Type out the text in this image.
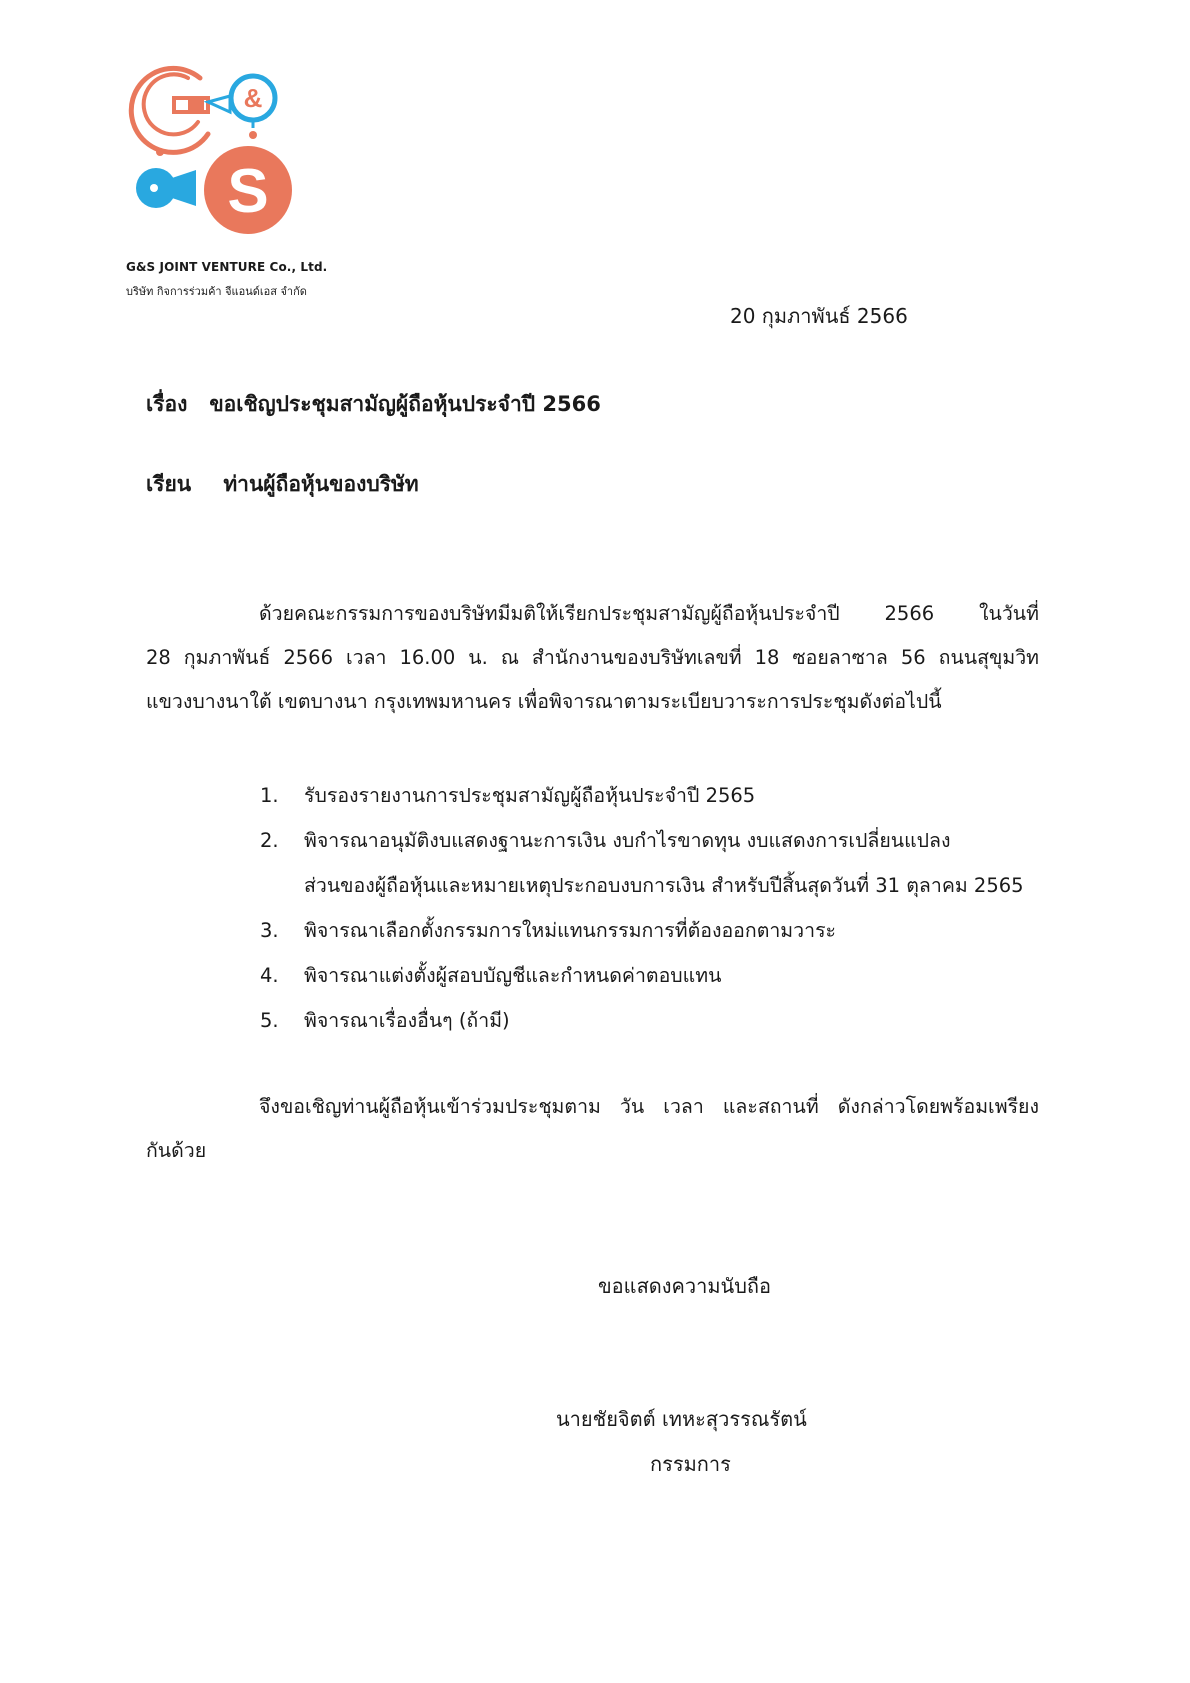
&
S
G&S JOINT VENTURE Co., Ltd.
บริษัท กิจการร่วมค้า จีแอนด์เอส จำกัด
20 กุมภาพันธ์ 2566
เรื่อง ขอเชิญประชุมสามัญผู้ถือหุ้นประจำปี 2566
เรียน ท่านผู้ถือหุ้นของบริษัท
ด้วยคณะกรรมการของบริษัทมีมติให้เรียกประชุมสามัญผู้ถือหุ้นประจำปี 2566 ในวันที่
28 กุมภาพันธ์ 2566 เวลา 16.00 น. ณ สำนักงานของบริษัทเลขที่ 18 ซอยลาซาล 56 ถนนสุขุมวิท
แขวงบางนาใต้ เขตบางนา กรุงเทพมหานคร เพื่อพิจารณาตามระเบียบวาระการประชุมดังต่อไปนี้
1.	รับรองรายงานการประชุมสามัญผู้ถือหุ้นประจำปี 2565
2.	พิจารณาอนุมัติงบแสดงฐานะการเงิน งบกำไรขาดทุน งบแสดงการเปลี่ยนแปลง
ส่วนของผู้ถือหุ้นและหมายเหตุประกอบงบการเงิน สำหรับปีสิ้นสุดวันที่ 31 ตุลาคม 2565
3.	พิจารณาเลือกตั้งกรรมการใหม่แทนกรรมการที่ต้องออกตามวาระ
4.	พิจารณาแต่งตั้งผู้สอบบัญชีและกำหนดค่าตอบแทน
5.	พิจารณาเรื่องอื่นๆ (ถ้ามี)
จึงขอเชิญท่านผู้ถือหุ้นเข้าร่วมประชุมตาม วัน เวลา และสถานที่ ดังกล่าวโดยพร้อมเพรียง
กันด้วย
ขอแสดงความนับถือ
นายชัยจิตต์ เทหะสุวรรณรัตน์
กรรมการ
